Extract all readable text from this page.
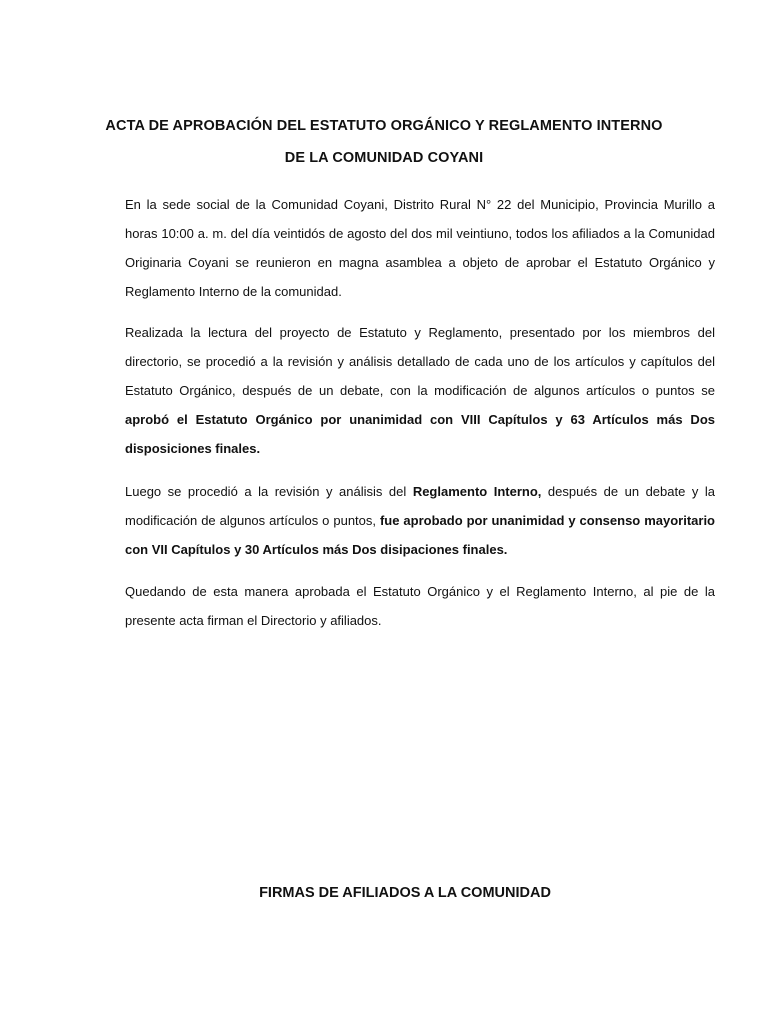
ACTA DE APROBACIÓN DEL ESTATUTO ORGÁNICO Y REGLAMENTO INTERNO
DE LA COMUNIDAD COYANI

En la sede social de la Comunidad Coyani, Distrito Rural N° 22 del Municipio, Provincia Murillo a horas 10:00 a. m. del día veintidós de agosto del dos mil veintiuno, todos los afiliados a la Comunidad Originaria Coyani se reunieron en magna asamblea a objeto de aprobar el Estatuto Orgánico y Reglamento Interno de la comunidad.

Realizada la lectura del proyecto de Estatuto y Reglamento, presentado por los miembros del directorio, se procedió a la revisión y análisis detallado de cada uno de los artículos y capítulos del Estatuto Orgánico, después de un debate, con la modificación de algunos artículos o puntos se aprobó el Estatuto Orgánico por unanimidad con VIII Capítulos y 63 Artículos más Dos disposiciones finales.

Luego se procedió a la revisión y análisis del Reglamento Interno, después de un debate y la modificación de algunos artículos o puntos, fue aprobado por unanimidad y consenso mayoritario con VII Capítulos y 30 Artículos más Dos disipaciones finales.

Quedando de esta manera aprobada el Estatuto Orgánico y el Reglamento Interno, al pie de la presente acta firman el Directorio y afiliados.

FIRMAS DE AFILIADOS A LA COMUNIDAD
